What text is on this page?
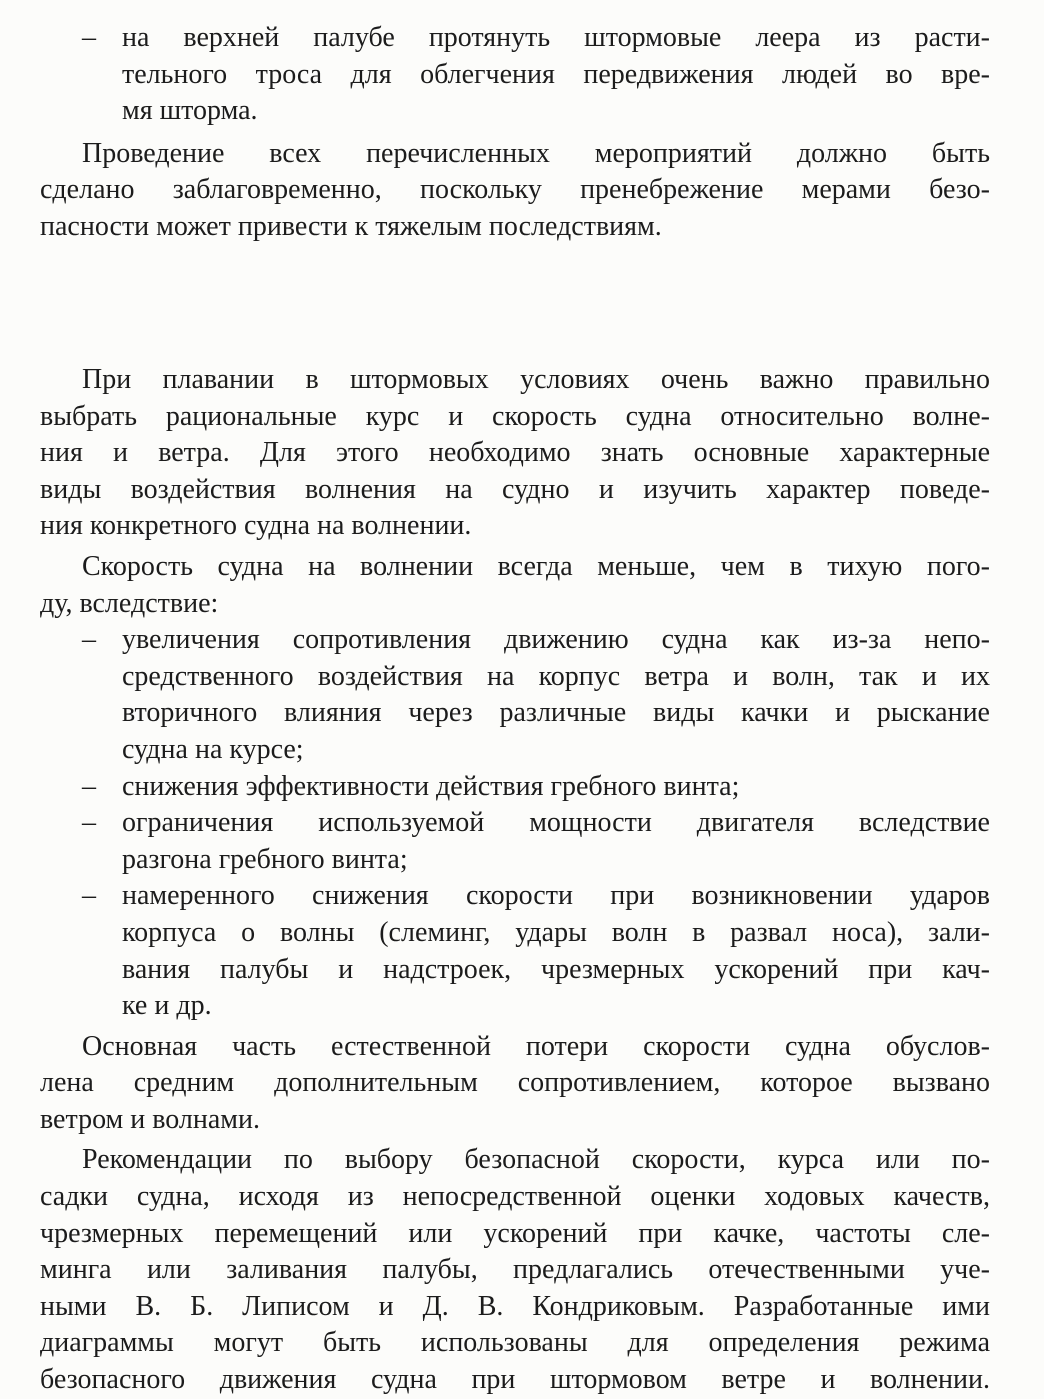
– на верхней палубе протянуть штормовые леера из расти-
тельного троса для облегчения передвижения людей во вре-
мя шторма.
Проведение всех перечисленных мероприятий должно быть
сделано заблаговременно, поскольку пренебрежение мерами безо-
пасности может привести к тяжелым последствиям.
При плавании в штормовых условиях очень важно правильно
выбрать рациональные курс и скорость судна относительно волне-
ния и ветра. Для этого необходимо знать основные характерные
виды воздействия волнения на судно и изучить характер поведе-
ния конкретного судна на волнении.
Скорость судна на волнении всегда меньше, чем в тихую пого-
ду, вследствие:
– увеличения сопротивления движению судна как из-за непо-
средственного воздействия на корпус ветра и волн, так и их
вторичного влияния через различные виды качки и рыскание
судна на курсе;
– снижения эффективности действия гребного винта;
– ограничения используемой мощности двигателя вследствие
разгона гребного винта;
– намеренного снижения скорости при возникновении ударов
корпуса о волны (слеминг, удары волн в развал носа), зали-
вания палубы и надстроек, чрезмерных ускорений при кач-
ке и др.
Основная часть естественной потери скорости судна обуслов-
лена средним дополнительным сопротивлением, которое вызвано
ветром и волнами.
Рекомендации по выбору безопасной скорости, курса или по-
садки судна, исходя из непосредственной оценки ходовых качеств,
чрезмерных перемещений или ускорений при качке, частоты сле-
минга или заливания палубы, предлагались отечественными уче-
ными В. Б. Липисом и Д. В. Кондриковым. Разработанные ими
диаграммы могут быть использованы для определения режима
безопасного движения судна при штормовом ветре и волнении.
